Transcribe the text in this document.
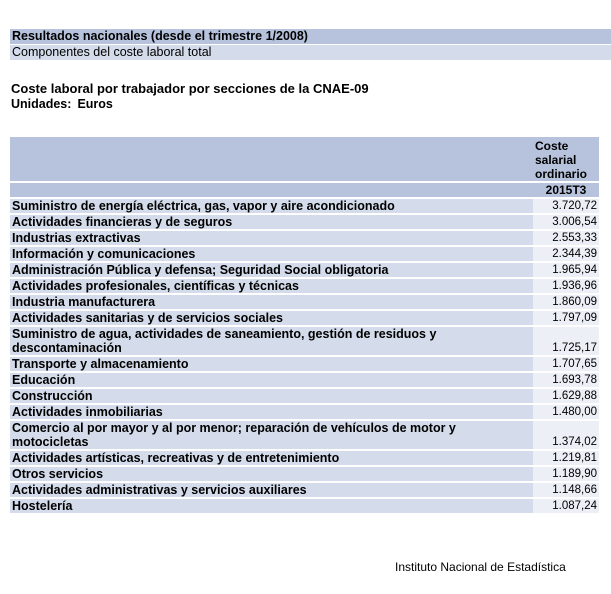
Resultados nacionales (desde el trimestre 1/2008)
Componentes del coste laboral total
Coste laboral por trabajador por secciones de la CNAE-09
Unidades: Euros
	Coste salarial ordinario
	2015T3
Suministro de energía eléctrica, gas, vapor y aire acondicionado	3.720,72
Actividades financieras y de seguros	3.006,54
Industrias extractivas	2.553,33
Información y comunicaciones	2.344,39
Administración Pública y defensa; Seguridad Social obligatoria	1.965,94
Actividades profesionales, científicas y técnicas	1.936,96
Industria manufacturera	1.860,09
Actividades sanitarias y de servicios sociales	1.797,09
Suministro de agua, actividades de saneamiento, gestión de residuos y descontaminación	1.725,17
Transporte y almacenamiento	1.707,65
Educación	1.693,78
Construcción	1.629,88
Actividades inmobiliarias	1.480,00
Comercio al por mayor y al por menor; reparación de vehículos de motor y motocicletas	1.374,02
Actividades artísticas, recreativas y de entretenimiento	1.219,81
Otros servicios	1.189,90
Actividades administrativas y servicios auxiliares	1.148,66
Hostelería	1.087,24
Instituto Nacional de Estadística
